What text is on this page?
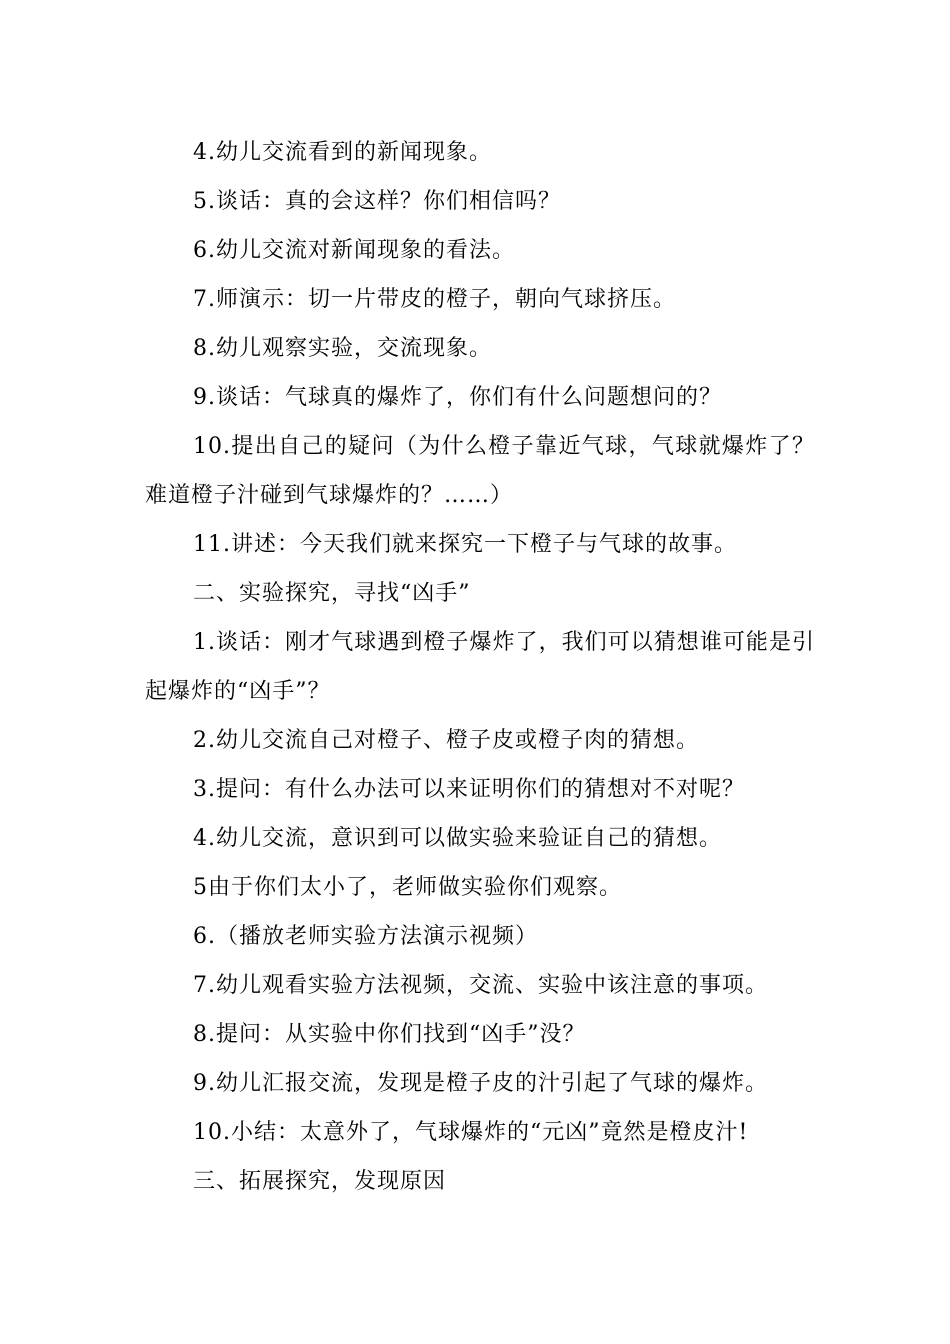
4.幼儿交流看到的新闻现象。
5.谈话：真的会这样？你们相信吗？
6.幼儿交流对新闻现象的看法。
7.师演示：切一片带皮的橙子，朝向气球挤压。
8.幼儿观察实验，交流现象。
9.谈话：气球真的爆炸了，你们有什么问题想问的？
10.提出自己的疑问（为什么橙子靠近气球，气球就爆炸了？难道橙子汁碰到气球爆炸的？……）
11.讲述：今天我们就来探究一下橙子与气球的故事。
二、实验探究，寻找“凶手”
1.谈话：刚才气球遇到橙子爆炸了，我们可以猜想谁可能是引起爆炸的“凶手”？
2.幼儿交流自己对橙子、橙子皮或橙子肉的猜想。
3.提问：有什么办法可以来证明你们的猜想对不对呢？
4.幼儿交流，意识到可以做实验来验证自己的猜想。
5由于你们太小了，老师做实验你们观察。
6.（播放老师实验方法演示视频）
7.幼儿观看实验方法视频，交流、实验中该注意的事项。
8.提问：从实验中你们找到“凶手”没？
9.幼儿汇报交流，发现是橙子皮的汁引起了气球的爆炸。
10.小结：太意外了，气球爆炸的“元凶”竟然是橙皮汁!
三、拓展探究，发现原因
